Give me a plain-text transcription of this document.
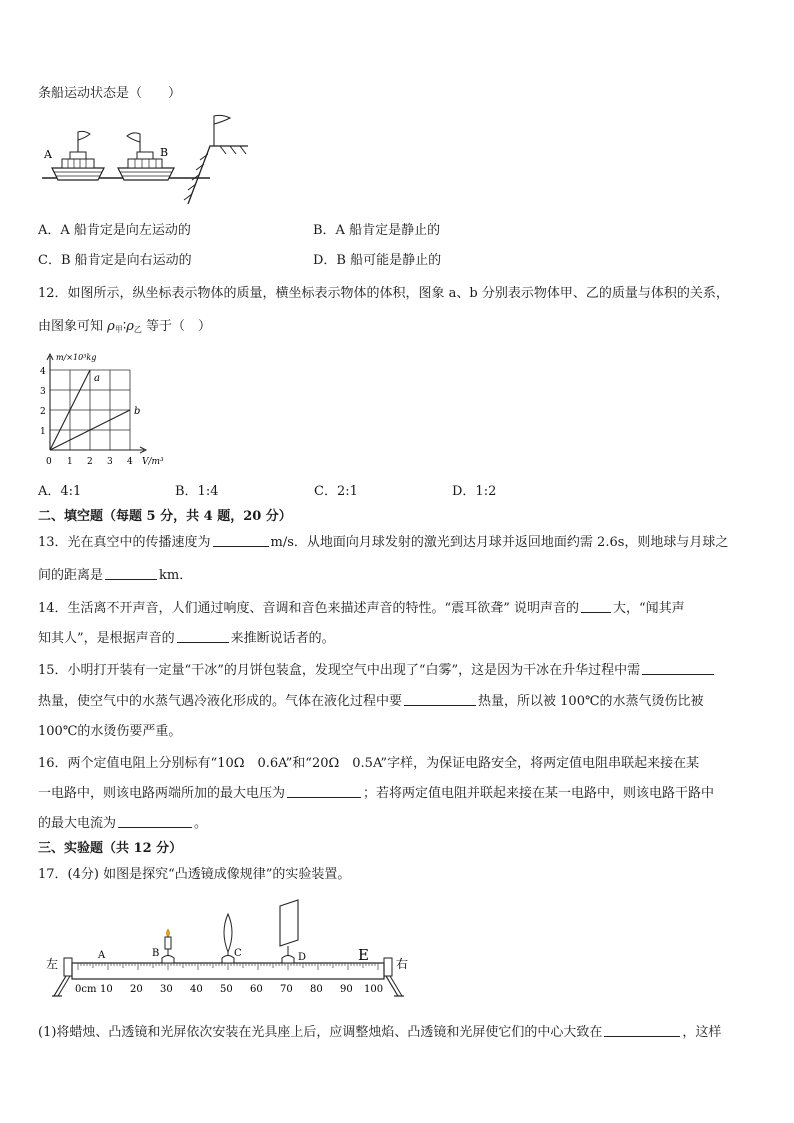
条船运动状态是（　　）
A	B
A．A 船肯定是向左运动的	B．A 船肯定是静止的
C．B 船肯定是向右运动的	D．B 船可能是静止的
12．如图所示，纵坐标表示物体的质量，横坐标表示物体的体积，图象 a、b 分别表示物体甲、乙的质量与体积的关系，
由图象可知 $\rho_甲∶\rho_乙$ 等于（　）
a
b
m/×10³kg
V/m³
1
2
3
4
0 1 2 3 4
A．4:1	B．1:4	C．2:1	D．1:2
二、填空题（每题 5 分，共 4 题，20 分）
13．光在真空中的传播速度为	m/s．从地面向月球发射的激光到达月球并返回地面约需 2.6s，则地球与月球之
间的距离是	km．
14．生活离不开声音，人们通过响度、音调和音色来描述声音的特性。“震耳欲聋” 说明声音的	大，“闻其声
知其人”，是根据声音的	来推断说话者的。
15．小明打开装有一定量“干冰”的月饼包装盒，发现空气中出现了“白雾”，这是因为干冰在升华过程中需
热量，使空气中的水蒸气遇冷液化形成的。气体在液化过程中要	热量，所以被 100℃的水蒸气烫伤比被
100℃的水烫伤要严重。
16．两个定值电阻上分别标有“10Ω　0.6A”和“20Ω　0.5A”字样，为保证电路安全，将两定值电阻串联起来接在某
一电路中，则该电路两端所加的最大电压为	；若将两定值电阻并联起来接在某一电路中，则该电路干路中
的最大电流为	。
三、实验题（共 12 分）
17．(4分) 如图是探究“凸透镜成像规律”的实验装置。
左	右
0cm 10 20 30 40 50 60 70 80 90 100
A	B	C	D	E
(1)将蜡烛、凸透镜和光屏依次安装在光具座上后，应调整烛焰、凸透镜和光屏使它们的中心大致在	，这样
